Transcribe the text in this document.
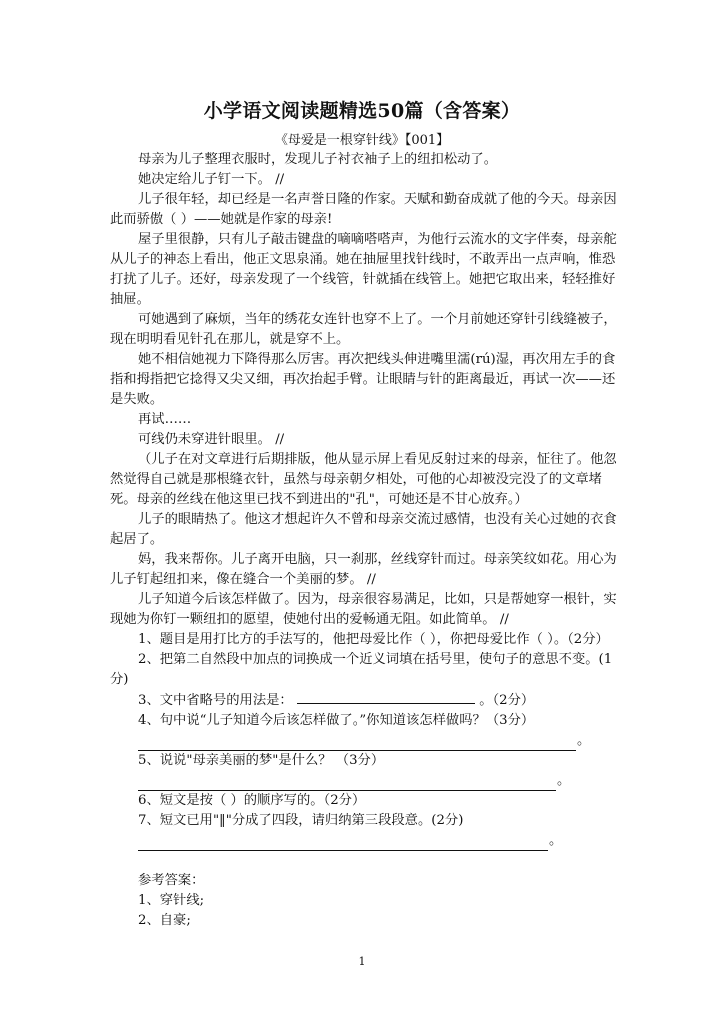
小学语文阅读题精选50篇（含答案）
《母爱是一根穿针线》【001】

母亲为儿子整理衣服时，发现儿子衬衣袖子上的纽扣松动了。

她决定给儿子钉一下。 //

儿子很年轻，却已经是一名声誉日隆的作家。天赋和勤奋成就了他的今天。母亲因此而骄傲（ ）——她就是作家的母亲!

屋子里很静，只有儿子敲击键盘的嘀嘀嗒嗒声，为他行云流水的文字伴奏，母亲舵从儿子的神态上看出，他正文思泉涌。她在抽屉里找针线时，不敢弄出一点声响，惟恐打扰了儿子。还好，母亲发现了一个线管，针就插在线管上。她把它取出来，轻轻推好抽屉。

可她遇到了麻烦，当年的绣花女连针也穿不上了。一个月前她还穿针引线缝被子，现在明明看见针孔在那儿，就是穿不上。

她不相信她视力下降得那么厉害。再次把线头伸进嘴里濡(rú)湿，再次用左手的食指和拇指把它捻得又尖又细，再次抬起手臂。让眼睛与针的距离最近，再试一次——还是失败。

再试……

可线仍未穿进针眼里。 //

（儿子在对文章进行后期排版，他从显示屏上看见反射过来的母亲，怔往了。他忽然觉得自己就是那根缝衣针，虽然与母亲朝夕相处，可他的心却被没完没了的文章堵死。母亲的丝线在他这里已找不到进出的"孔"，可她还是不甘心放弃。）

儿子的眼睛热了。他这才想起许久不曾和母亲交流过感情，也没有关心过她的衣食起居了。

妈，我来帮你。儿子离开电脑，只一刹那，丝线穿针而过。母亲笑纹如花。用心为儿子钉起纽扣来，像在缝合一个美丽的梦。 //

儿子知道今后该怎样做了。因为，母亲很容易满足，比如，只是帮她穿一根针，实现她为你钉一颗纽扣的愿望，使她付出的爱畅通无阻。如此简单。 //

1、题目是用打比方的手法写的，他把母爱比作（ ），你把母爱比作（ ）。（2分）

2、把第二自然段中加点的词换成一个近义词填在括号里，使句子的意思不变。(1分)

3、文中省略号的用法是：	。（2分）

4、句中说“儿子知道今后该怎样做了。”你知道该怎样做吗？（3分）

。

5、说说"母亲美丽的梦"是什么？ （3分）

。

6、短文是按（ ）的顺序写的。（2分）

7、短文已用"‖"分成了四段，请归纳第三段段意。(2分)

。

参考答案：

1、穿针线;

2、自豪;

1
